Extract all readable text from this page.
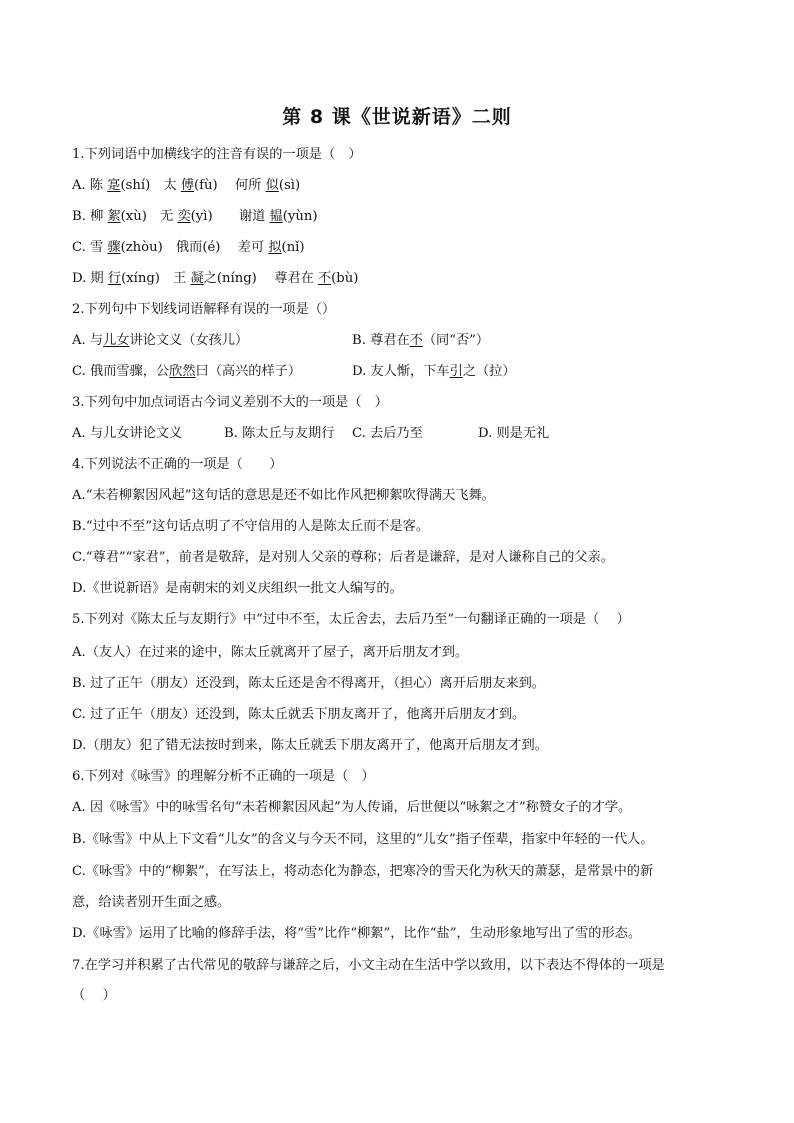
第 8 课《世说新语》二则
1.下列词语中加横线字的注音有误的一项是（　）
A. 陈 寔(shí)　太 傅(fù)　 何所 似(sì)
B. 柳 絮(xù)　无 奕(yì)　　谢道 韫(yùn)
C. 雪 骤(zhòu)　俄而(é)　 差可 拟(nǐ)
D. 期 行(xíng)　王 凝之(níng)　 尊君在 不(bù)
2.下列句中下划线词语解释有误的一项是（）
A. 与儿女讲论文义（女孩儿）	B. 尊君在不（同“否”）
C. 俄而雪骤，公欣然曰（高兴的样子）	D. 友人惭，下车引之（拉）
3.下列句中加点词语古今词义差别不大的一项是（　）
A. 与儿女讲论文义	B. 陈太丘与友期行 C. 去后乃至	D. 则是无礼
4.下列说法不正确的一项是（　　）
A.“未若柳絮因风起”这句话的意思是还不如比作风把柳絮吹得满天飞舞。
B.“过中不至”这句话点明了不守信用的人是陈太丘而不是客。
C.“尊君”“家君”，前者是敬辞，是对别人父亲的尊称；后者是谦辞，是对人谦称自己的父亲。
D.《世说新语》是南朝宋的刘义庆组织一批文人编写的。
5.下列对《陈太丘与友期行》中“过中不至，太丘舍去，去后乃至”一句翻译正确的一项是（　 ）
A.（友人）在过来的途中，陈太丘就离开了屋子，离开后朋友才到。
B. 过了正午（朋友）还没到，陈太丘还是舍不得离开，（担心）离开后朋友来到。
C. 过了正午（朋友）还没到，陈太丘就丢下朋友离开了，他离开后朋友才到。
D.（朋友）犯了错无法按时到来，陈太丘就丢下朋友离开了，他离开后朋友才到。
6.下列对《咏雪》的理解分析不正确的一项是（　）
A. 因《咏雪》中的咏雪名句“未若柳絮因风起”为人传诵，后世便以“咏絮之才”称赞女子的才学。
B.《咏雪》中从上下文看“儿女”的含义与今天不同，这里的“儿女”指子侄辈，指家中年轻的一代人。
C.《咏雪》中的“柳絮”，在写法上，将动态化为静态，把寒冷的雪天化为秋天的萧瑟，是常景中的新
意，给读者别开生面之感。
D.《咏雪》运用了比喻的修辞手法，将“雪”比作“柳絮”，比作“盐”，生动形象地写出了雪的形态。
7.在学习并积累了古代常见的敬辞与谦辞之后，小文主动在生活中学以致用，以下表达不得体的一项是
（　 ）
